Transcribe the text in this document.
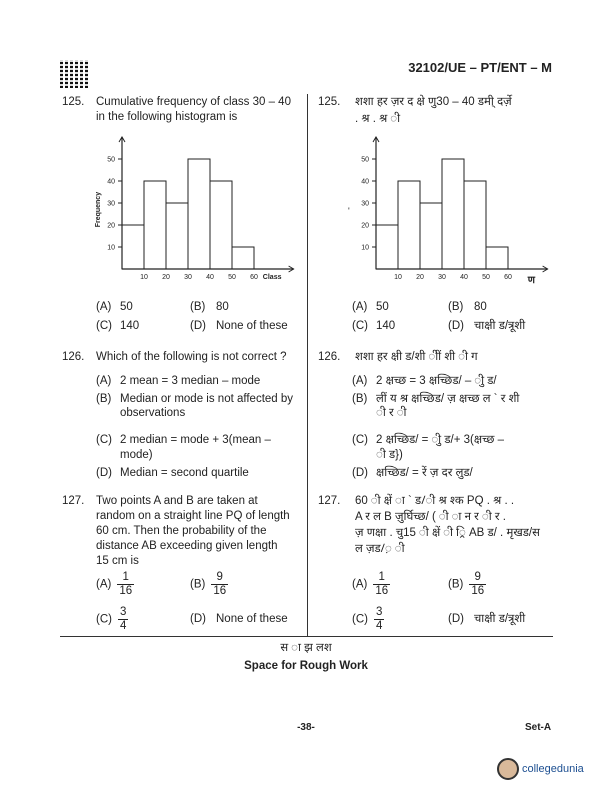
32102/UE – PT/ENT – M
125. Cumulative frequency of class 30 – 40
in the following histogram is
10 20 30 40 50 60
10
20
30
40
50
Class
Frequency
(A) 50	(B) 80
(C) 140	(D) None of these
126. Which of the following is not correct ?
(A) 2 mean = 3 median – mode
(B) Median or mode is not affected by
observations
(C) 2 median = mode + 3(mean –
mode)
(D) Median = second quartile
127. Two points A and B are taken at
random on a straight line PQ of length
60 cm. Then the probability of the
distance AB exceeding given length
15 cm is
$(A) \frac{1}{16}$	$(B) \frac{9}{16}$
$(C) \frac{3}{4}$	(D) None of these
125. शशा हर ज़र द क्षे णु30 – 40 डमी् दर्ज़े
. श्र . श्र ी
10 20 30 40 50 60
10
20
30
40
50
ण
'
(A) 50	(B) 80
(C) 140	(D) चाक्षी ड/त्रूशी
126. शशा हर क्षी ड/शी ीीं शी ी ग
(A) 2 क्षच्छ = 3 क्षच्छिड/ – ीु ड/
(B) लीं य श्र क्षच्छिड/ ज़ क्षच्छ ल ` र शी
ी र ी
(C) 2 क्षच्छिड/ = ीु ड/+ 3(क्षच्छ –
ी ड})
(D) क्षच्छिड/ = रें ज़ दर लुड/
127. 60 ी क्षें ा ` ड/ी श्र श्क PQ . श्र . .
A र ल B ज़ुर्घिच्छ/ ( ी ा न र ी र .
ज़ णक्षा . चु15 ी क्षें ी ्रि AB ड/ . मृखड/स
ल ज़ड/़ ी
$(A) \frac{1}{16}$	$(B) \frac{9}{16}$
$(C) \frac{3}{4}$	(D) चाक्षी ड/त्रूशी
स ा झ लश
Space for Rough Work
-38-	Set-A
collegedunia
